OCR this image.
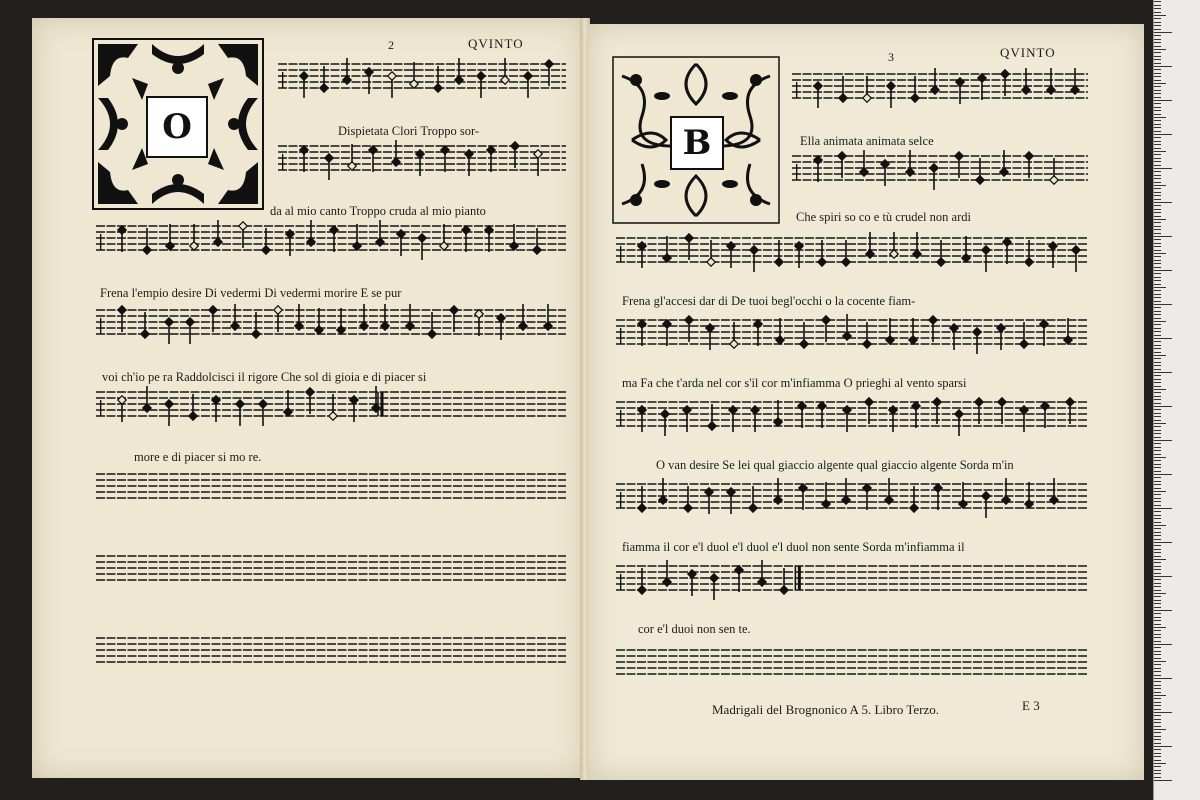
2	QVINTO
3	QVINTO
O	B
|
|
|
|
|
|
|
|
|
|
|
|
Dispietata Clori Troppo sor-
da al mio canto Troppo cruda al mio pianto
Frena l'empio desire Di vedermi Di vedermi morire E se pur
voi ch'io pe ra Raddolcisci il rigore Che sol di gioia e di piacer si
more e di piacer si mo re.
Ella animata animata selce
Che spiri so co e tù crudel non ardi
Frena gl'accesi dar di De tuoi begl'occhi o la cocente fiam-
ma Fa che t'arda nel cor s'il cor m'infiamma O prieghi al vento sparsi
O van desire Se lei qual giaccio algente qual giaccio algente Sorda m'in
fiamma il cor e'l duol e'l duol e'l duol non sente Sorda m'infiamma il
cor e'l duoi non sen te.
Madrigali del Brognonico A 5. Libro Terzo.	E 3
